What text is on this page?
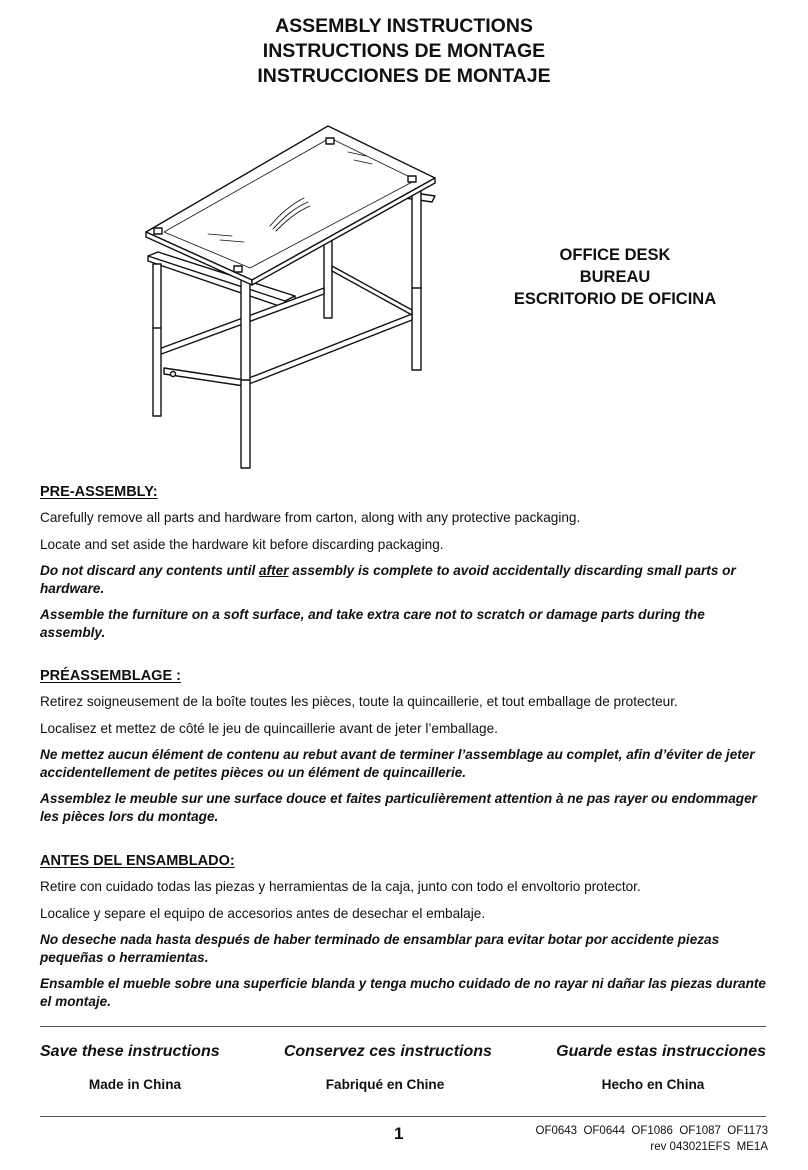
ASSEMBLY INSTRUCTIONS
INSTRUCTIONS DE MONTAGE
INSTRUCCIONES DE MONTAJE
OFFICE DESK
BUREAU
ESCRITORIO DE OFICINA
PRE-ASSEMBLY:

Carefully remove all parts and hardware from carton, along with any protective packaging.

Locate and set aside the hardware kit before discarding packaging.

Do not discard any contents until after assembly is complete to avoid accidentally discarding small parts or hardware.

Assemble the furniture on a soft surface, and take extra care not to scratch or damage parts during the assembly.

PRÉASSEMBLAGE :

Retirez soigneusement de la boîte toutes les pièces, toute la quincaillerie, et tout emballage de protecteur.

Localisez et mettez de côté le jeu de quincaillerie avant de jeter l’emballage.

Ne mettez aucun élément de contenu au rebut avant de terminer l’assemblage au complet, afin d’éviter de jeter accidentellement de petites pièces ou un élément de quincaillerie.

Assemblez le meuble sur une surface douce et faites particulièrement attention à ne pas rayer ou endommager les pièces lors du montage.

ANTES DEL ENSAMBLADO:

Retire con cuidado todas las piezas y herramientas de la caja, junto con todo el envoltorio protector.

Localice y separe el equipo de accesorios antes de desechar el embalaje.

No deseche nada hasta después de haber terminado de ensamblar para evitar botar por accidente piezas pequeñas o herramientas.

Ensamble el mueble sobre una superficie blanda y tenga mucho cuidado de no rayar ni dañar las piezas durante el montaje.

Save these instructions	Conservez ces instructions	Guarde estas instrucciones
Made in China	Fabriqué en Chine	Hecho en China
1	OF0643  OF0644  OF1086  OF1087  OF1173
rev 043021EFS  ME1A
